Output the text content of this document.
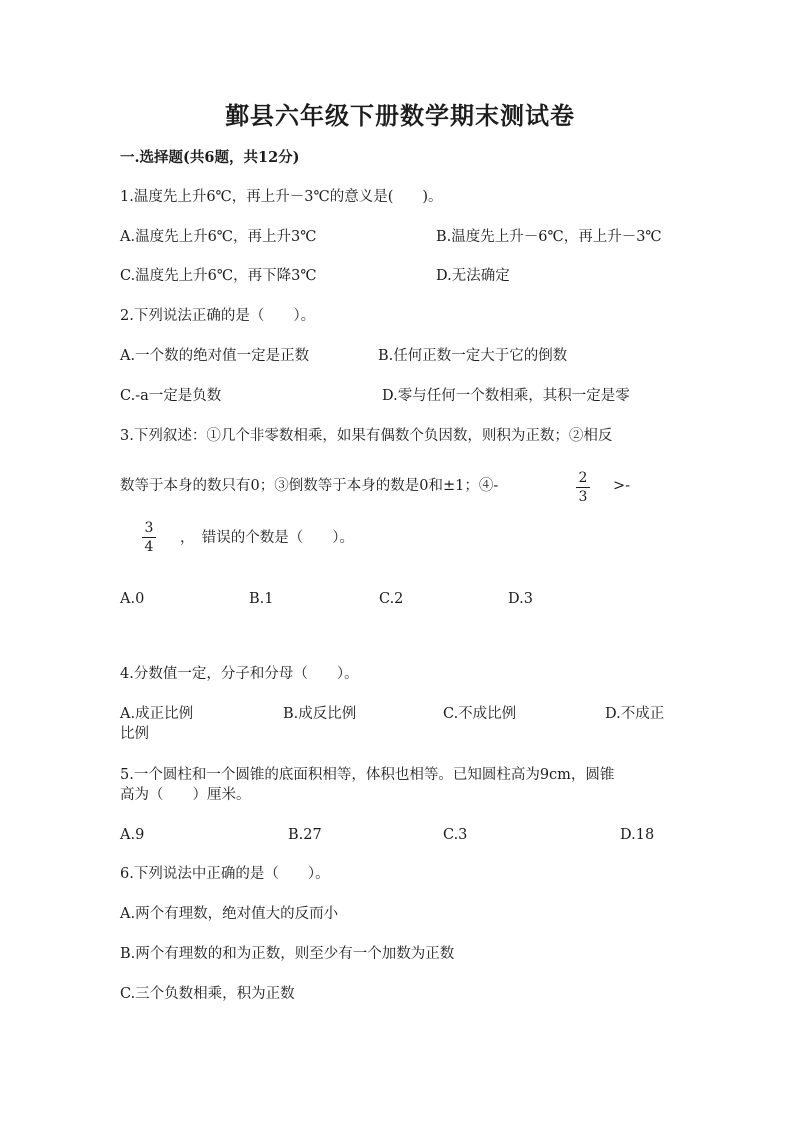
鄞县六年级下册数学期末测试卷
一.选择题(共6题，共12分)
1.温度先上升6℃，再上升－3℃的意义是(　　)。
A.温度先上升6℃，再上升3℃	B.温度先上升－6℃，再上升－3℃
C.温度先上升6℃，再下降3℃	D.无法确定
2.下列说法正确的是（　　）。
A.一个数的绝对值一定是正数	B.任何正数一定大于它的倒数
C.-a一定是负数	D.零与任何一个数相乘，其积一定是零
3.下列叙述：①几个非零数相乘，如果有偶数个负因数，则积为正数；②相反
数等于本身的数只有0；③倒数等于本身的数是0和±1；④-	2
3
>-
3
4
，　错误的个数是（　　）。
A.0	B.1	C.2	D.3
4.分数值一定，分子和分母（　　）。
A.成正比例	B.成反比例	C.不成比例	D.不成正
比例
5.一个圆柱和一个圆锥的底面积相等，体积也相等。已知圆柱高为9cm，圆锥
高为（　　）厘米。
A.9	B.27	C.3	D.18
6.下列说法中正确的是（　　）。
A.两个有理数，绝对值大的反而小
B.两个有理数的和为正数，则至少有一个加数为正数
C.三个负数相乘，积为正数
